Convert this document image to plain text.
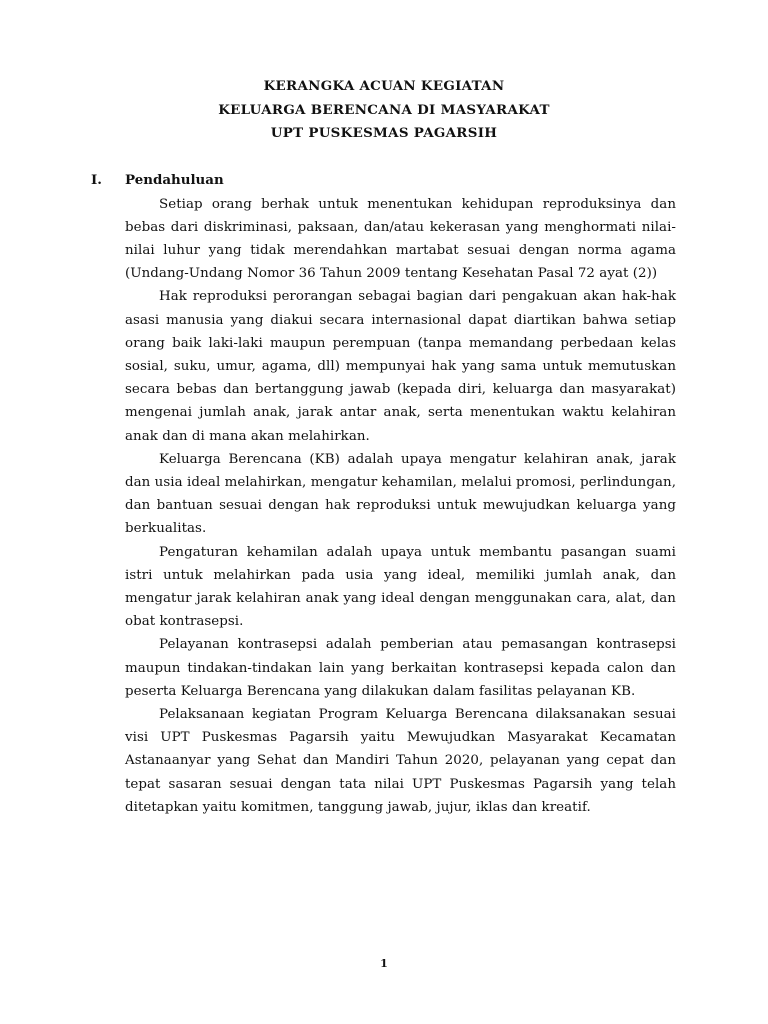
KERANGKA ACUAN KEGIATAN
KELUARGA BERENCANA DI MASYARAKAT
UPT PUSKESMAS PAGARSIH
I. Pendahuluan

Setiap orang berhak untuk menentukan kehidupan reproduksinya dan bebas dari diskriminasi, paksaan, dan/atau kekerasan yang menghormati nilai-nilai luhur yang tidak merendahkan martabat sesuai dengan norma agama (Undang-Undang Nomor 36 Tahun 2009 tentang Kesehatan Pasal 72 ayat (2))

Hak reproduksi perorangan sebagai bagian dari pengakuan akan hak-hak asasi manusia yang diakui secara internasional dapat diartikan bahwa setiap orang baik laki-laki maupun perempuan (tanpa memandang perbedaan kelas sosial, suku, umur, agama, dll) mempunyai hak yang sama untuk memutuskan secara bebas dan bertanggung jawab (kepada diri, keluarga dan masyarakat) mengenai jumlah anak, jarak antar anak, serta menentukan waktu kelahiran anak dan di mana akan melahirkan.

Keluarga Berencana (KB) adalah upaya mengatur kelahiran anak, jarak dan usia ideal melahirkan, mengatur kehamilan, melalui promosi, perlindungan, dan bantuan sesuai dengan hak reproduksi untuk mewujudkan keluarga yang berkualitas.

Pengaturan kehamilan adalah upaya untuk membantu pasangan suami istri untuk melahirkan pada usia yang ideal, memiliki jumlah anak, dan mengatur jarak kelahiran anak yang ideal dengan menggunakan cara, alat, dan obat kontrasepsi.

Pelayanan kontrasepsi adalah pemberian atau pemasangan kontrasepsi maupun tindakan-tindakan lain yang berkaitan kontrasepsi kepada calon dan peserta Keluarga Berencana yang dilakukan dalam fasilitas pelayanan KB.

Pelaksanaan kegiatan Program Keluarga Berencana dilaksanakan sesuai visi UPT Puskesmas Pagarsih yaitu Mewujudkan Masyarakat Kecamatan Astanaanyar yang Sehat dan Mandiri Tahun 2020, pelayanan yang cepat dan tepat sasaran sesuai dengan tata nilai UPT Puskesmas Pagarsih yang telah ditetapkan yaitu komitmen, tanggung jawab, jujur, iklas dan kreatif.

1
